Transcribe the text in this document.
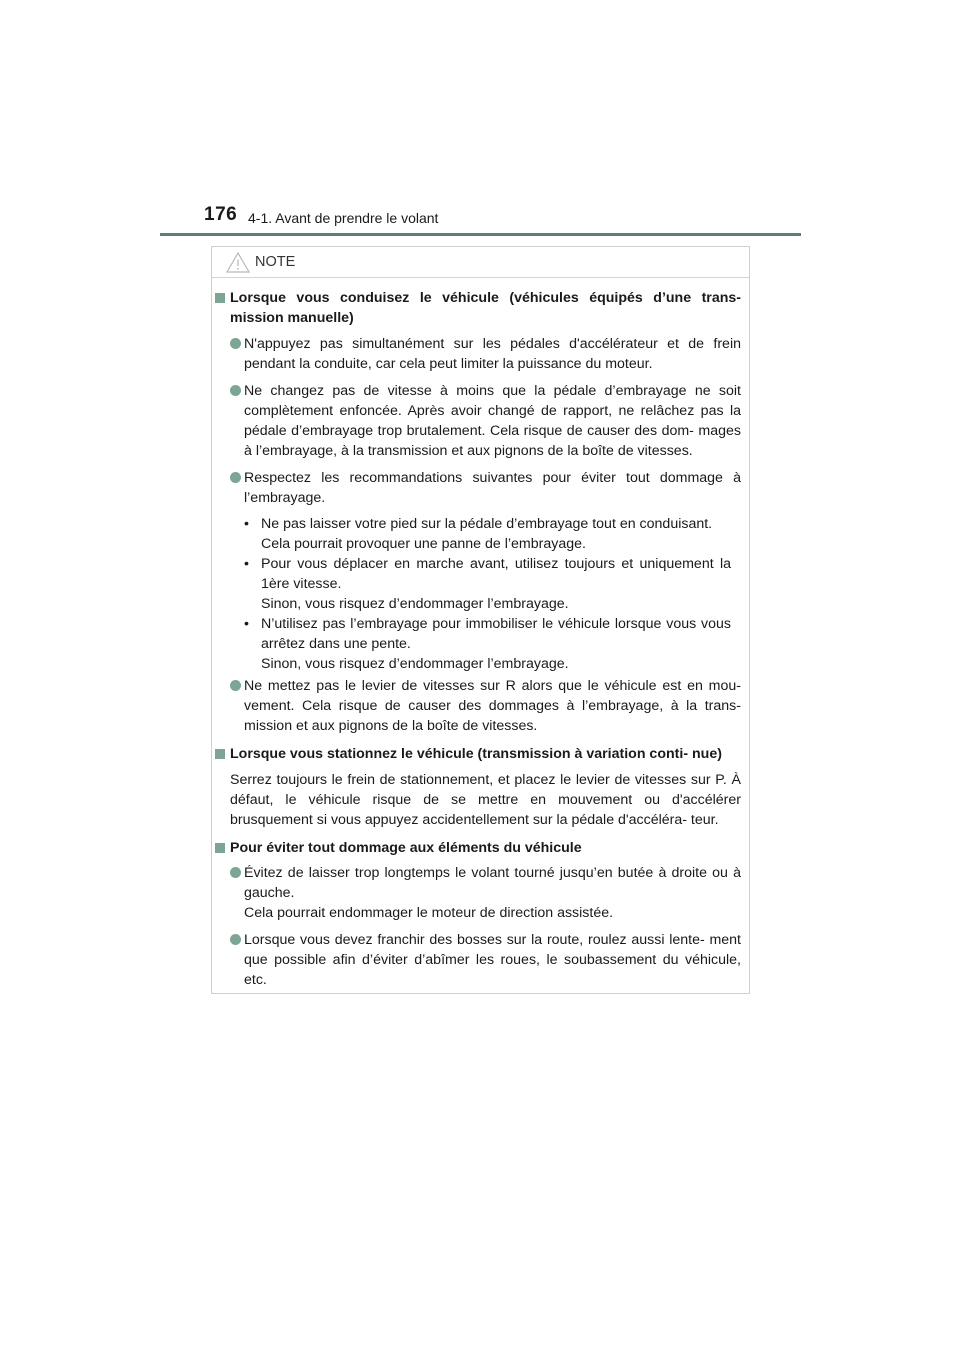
176 4-1. Avant de prendre le volant
NOTE
Lorsque vous conduisez le véhicule (véhicules équipés d’une trans- mission manuelle)
N'appuyez pas simultanément sur les pédales d'accélérateur et de frein pendant la conduite, car cela peut limiter la puissance du moteur.
Ne changez pas de vitesse à moins que la pédale d’embrayage ne soit complètement enfoncée. Après avoir changé de rapport, ne relâchez pas la pédale d’embrayage trop brutalement. Cela risque de causer des dom- mages à l’embrayage, à la transmission et aux pignons de la boîte de vitesses.
Respectez les recommandations suivantes pour éviter tout dommage à l’embrayage.
• Ne pas laisser votre pied sur la pédale d’embrayage tout en conduisant.
Cela pourrait provoquer une panne de l’embrayage.
• Pour vous déplacer en marche avant, utilisez toujours et uniquement la 1ère vitesse.
Sinon, vous risquez d’endommager l’embrayage.
• N’utilisez pas l’embrayage pour immobiliser le véhicule lorsque vous vous arrêtez dans une pente.
Sinon, vous risquez d’endommager l’embrayage.
Ne mettez pas le levier de vitesses sur R alors que le véhicule est en mou- vement. Cela risque de causer des dommages à l’embrayage, à la trans- mission et aux pignons de la boîte de vitesses.
Lorsque vous stationnez le véhicule (transmission à variation conti- nue)
Serrez toujours le frein de stationnement, et placez le levier de vitesses sur P. À défaut, le véhicule risque de se mettre en mouvement ou d'accélérer brusquement si vous appuyez accidentellement sur la pédale d'accéléra- teur.
Pour éviter tout dommage aux éléments du véhicule
Évitez de laisser trop longtemps le volant tourné jusqu’en butée à droite ou à gauche.
Cela pourrait endommager le moteur de direction assistée.
Lorsque vous devez franchir des bosses sur la route, roulez aussi lente- ment que possible afin d’éviter d’abîmer les roues, le soubassement du véhicule, etc.
